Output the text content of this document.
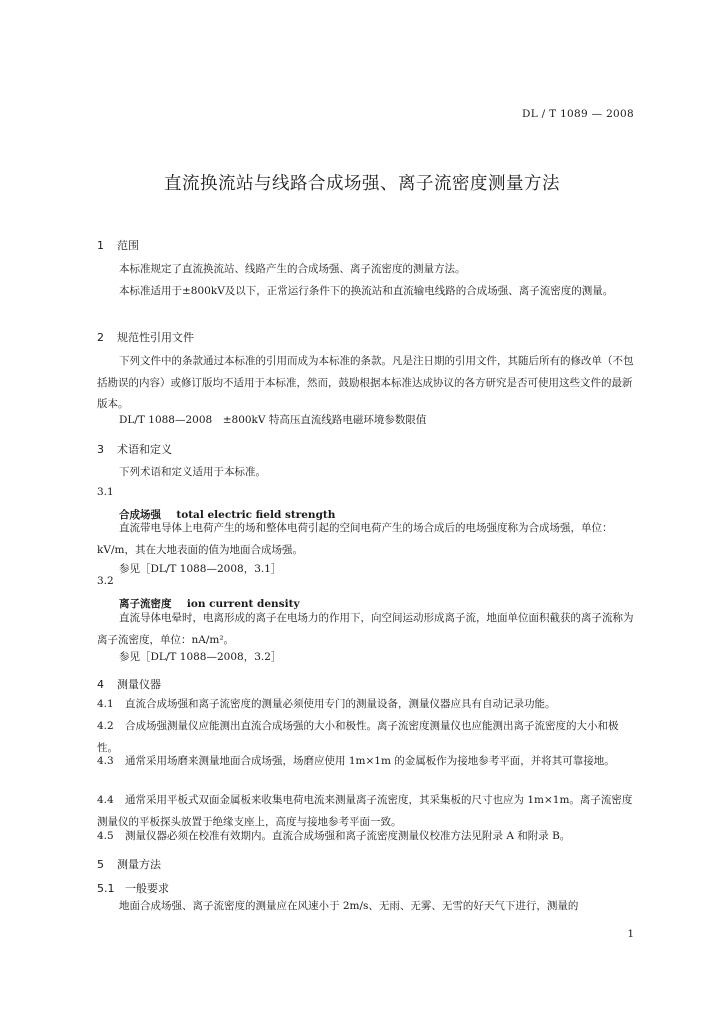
DL / T 1089 — 2008
直流换流站与线路合成场强、离子流密度测量方法
1 范围
本标准规定了直流换流站、线路产生的合成场强、离子流密度的测量方法。
本标准适用于±800kV及以下，正常运行条件下的换流站和直流输电线路的合成场强、离子流密度的测量。
2 规范性引用文件
下列文件中的条款通过本标准的引用而成为本标准的条款。凡是注日期的引用文件，其随后所有的修改单（不包括勘误的内容）或修订版均不适用于本标准，然而，鼓励根据本标准达成协议的各方研究是否可使用这些文件的最新版本。
DL/T 1088—2008　±800kV 特高压直流线路电磁环境参数限值
3 术语和定义
下列术语和定义适用于本标准。
3.1
合成场强 total electric field strength
直流带电导体上电荷产生的场和整体电荷引起的空间电荷产生的场合成后的电场强度称为合成场强，单位：kV/m，其在大地表面的值为地面合成场强。
参见［DL/T 1088—2008，3.1］
3.2
离子流密度 ion current density
直流导体电晕时，电离形成的离子在电场力的作用下，向空间运动形成离子流，地面单位面积截获的离子流称为离子流密度，单位：nA/m²。
参见［DL/T 1088—2008，3.2］
4 测量仪器
4.1 直流合成场强和离子流密度的测量必须使用专门的测量设备，测量仪器应具有自动记录功能。
4.2 合成场强测量仪应能测出直流合成场强的大小和极性。离子流密度测量仪也应能测出离子流密度的大小和极性。
4.3 通常采用场磨来测量地面合成场强，场磨应使用 1m×1m 的金属板作为接地参考平面，并将其可靠接地。
4.4 通常采用平板式双面金属板来收集电荷电流来测量离子流密度，其采集板的尺寸也应为 1m×1m。离子流密度测量仪的平板探头放置于绝缘支座上，高度与接地参考平面一致。
4.5 测量仪器必须在校准有效期内。直流合成场强和离子流密度测量仪校准方法见附录 A 和附录 B。
5 测量方法
5.1 一般要求
地面合成场强、离子流密度的测量应在风速小于 2m/s、无雨、无雾、无雪的好天气下进行，测量的
1
